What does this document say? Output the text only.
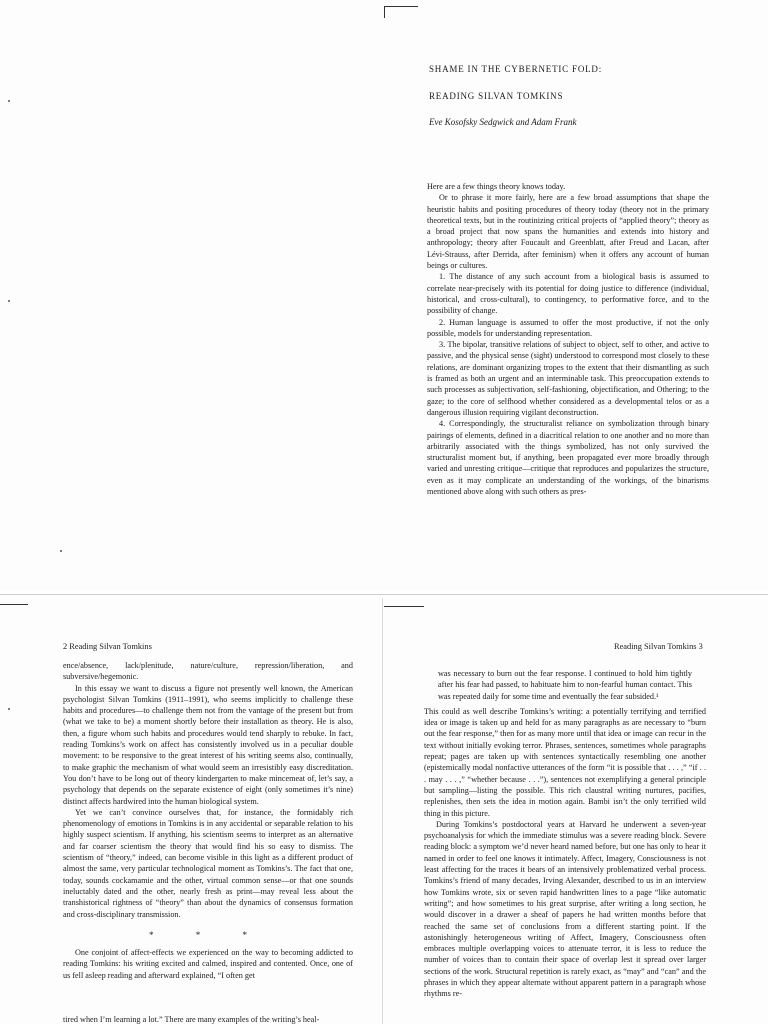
SHAME IN THE CYBERNETIC FOLD:
READING SILVAN TOMKINS
Eve Kosofsky Sedgwick and Adam Frank

Here are a few things theory knows today.

Or to phrase it more fairly, here are a few broad assumptions that shape the heuristic habits and positing procedures of theory today (theory not in the primary theoretical texts, but in the routinizing critical projects of “applied theory”; theory as a broad project that now spans the humanities and extends into history and anthropology; theory after Foucault and Greenblatt, after Freud and Lacan, after Lévi-Strauss, after Derrida, after feminism) when it offers any account of human beings or cultures.

1. The distance of any such account from a biological basis is assumed to correlate near-precisely with its potential for doing justice to difference (individual, historical, and cross-cultural), to contingency, to performative force, and to the possibility of change.

2. Human language is assumed to offer the most productive, if not the only possible, models for understanding representation.

3. The bipolar, transitive relations of subject to object, self to other, and active to passive, and the physical sense (sight) understood to correspond most closely to these relations, are dominant organizing tropes to the extent that their dismantling as such is framed as both an urgent and an interminable task. This preoccupation extends to such processes as subjectivation, self-fashioning, objectification, and Othering; to the gaze; to the core of selfhood whether considered as a developmental telos or as a dangerous illusion requiring vigilant deconstruction.

4. Correspondingly, the structuralist reliance on symbolization through binary pairings of elements, defined in a diacritical relation to one another and no more than arbitrarily associated with the things symbolized, has not only survived the structuralist moment but, if anything, been propagated ever more broadly through varied and unresting critique—critique that reproduces and popularizes the structure, even as it may complicate an understanding of the workings, of the binarisms mentioned above along with such others as pres-

2 Reading Silvan Tomkins

ence/absence, lack/plenitude, nature/culture, repression/liberation, and subversive/hegemonic.

In this essay we want to discuss a figure not presently well known, the American psychologist Silvan Tomkins (1911–1991), who seems implicitly to challenge these habits and procedures—to challenge them not from the vantage of the present but from (what we take to be) a moment shortly before their installation as theory. He is also, then, a figure whom such habits and procedures would tend sharply to rebuke. In fact, reading Tomkins’s work on affect has consistently involved us in a peculiar double movement: to be responsive to the great interest of his writing seems also, continually, to make graphic the mechanism of what would seem an irresistibly easy discreditation. You don’t have to be long out of theory kindergarten to make mincemeat of, let’s say, a psychology that depends on the separate existence of eight (only sometimes it’s nine) distinct affects hardwired into the human biological system.

Yet we can’t convince ourselves that, for instance, the formidably rich phenomenology of emotions in Tomkins is in any accidental or separable relation to his highly suspect scientism. If anything, his scientism seems to interpret as an alternative and far coarser scientism the theory that would find his so easy to dismiss. The scientism of “theory,” indeed, can become visible in this light as a different product of almost the same, very particular technological moment as Tomkins’s. The fact that one, today, sounds cockamamie and the other, virtual common sense—or that one sounds ineluctably dated and the other, nearly fresh as print—may reveal less about the transhistorical rightness of “theory” than about the dynamics of consensus formation and cross-disciplinary transmission.

* * *

One conjoint of affect-effects we experienced on the way to becoming addicted to reading Tomkins: his writing excited and calmed, inspired and contented. Once, one of us fell asleep reading and afterward explained, “I often get

tired when I’m learning a lot.” There are many examples of the writing’s heal-
Reading Silvan Tomkins 3

was necessary to burn out the fear response. I continued to hold him tightly after his fear had passed, to habituate him to non-fearful human contact. This was repeated daily for some time and eventually the fear subsided.¹

This could as well describe Tomkins’s writing: a potentially terrifying and terrified idea or image is taken up and held for as many paragraphs as are necessary to “burn out the fear response,” then for as many more until that idea or image can recur in the text without initially evoking terror. Phrases, sentences, sometimes whole paragraphs repeat; pages are taken up with sentences syntactically resembling one another (epistemically modal nonfactive utterances of the form “it is possible that . . . ,” “if . . . may . . . ,” “whether because . . .”), sentences not exemplifying a general principle but sampling—listing the possible. This rich claustral writing nurtures, pacifies, replenishes, then sets the idea in motion again. Bambi isn’t the only terrified wild thing in this picture.

During Tomkins’s postdoctoral years at Harvard he underwent a seven-year psychoanalysis for which the immediate stimulus was a severe reading block. Severe reading block: a symptom we’d never heard named before, but one has only to hear it named in order to feel one knows it intimately. Affect, Imagery, Consciousness is not least affecting for the traces it bears of an intensively problematized verbal process. Tomkins’s friend of many decades, Irving Alexander, described to us in an interview how Tomkins wrote, six or seven rapid handwritten lines to a page “like automatic writing”; and how sometimes to his great surprise, after writing a long section, he would discover in a drawer a sheaf of papers he had written months before that reached the same set of conclusions from a different starting point. If the astonishingly heterogeneous writing of Affect, Imagery, Consciousness often embraces multiple overlapping voices to attenuate terror, it is less to reduce the number of voices than to contain their space of overlap lest it spread over larger sections of the work. Structural repetition is rarely exact, as “may” and “can” and the phrases in which they appear alternate without apparent pattern in a paragraph whose rhythms re-
